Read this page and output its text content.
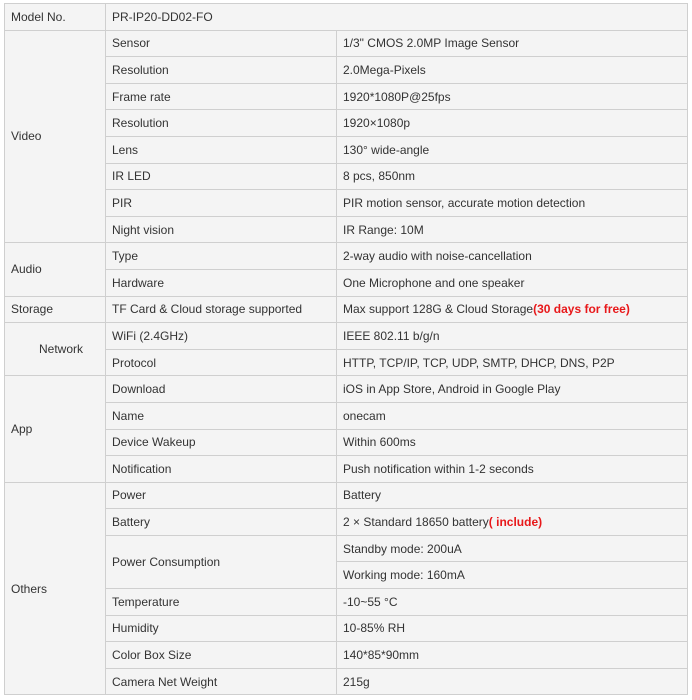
Model No.	PR-IP20-DD02-FO	
Video	Sensor	1/3" CMOS 2.0MP Image Sensor
	Resolution	2.0Mega-Pixels
	Frame rate	1920*1080P@25fps
	Resolution	1920×1080p
	Lens	130° wide-angle
	IR LED	8 pcs, 850nm
	PIR	PIR motion sensor, accurate motion detection
	Night vision	IR Range: 10M
Audio	Type	2-way audio with noise-cancellation
	Hardware	One Microphone and one speaker
Storage	TF Card & Cloud storage supported	Max support 128G & Cloud Storage(30 days for free)
Network	WiFi (2.4GHz)	IEEE 802.11 b/g/n
	Protocol	HTTP, TCP/IP, TCP, UDP, SMTP, DHCP, DNS, P2P
App	Download	iOS in App Store, Android in Google Play
	Name	onecam
	Device Wakeup	Within 600ms
	Notification	Push notification within 1-2 seconds
Others	Power	Battery
	Battery	2 × Standard 18650 battery( include)
	Power Consumption	Standby mode: 200uA
		Working mode: 160mA
	Temperature	-10~55 °C
	Humidity	10-85% RH
	Color Box Size	140*85*90mm
	Camera Net Weight	215g
